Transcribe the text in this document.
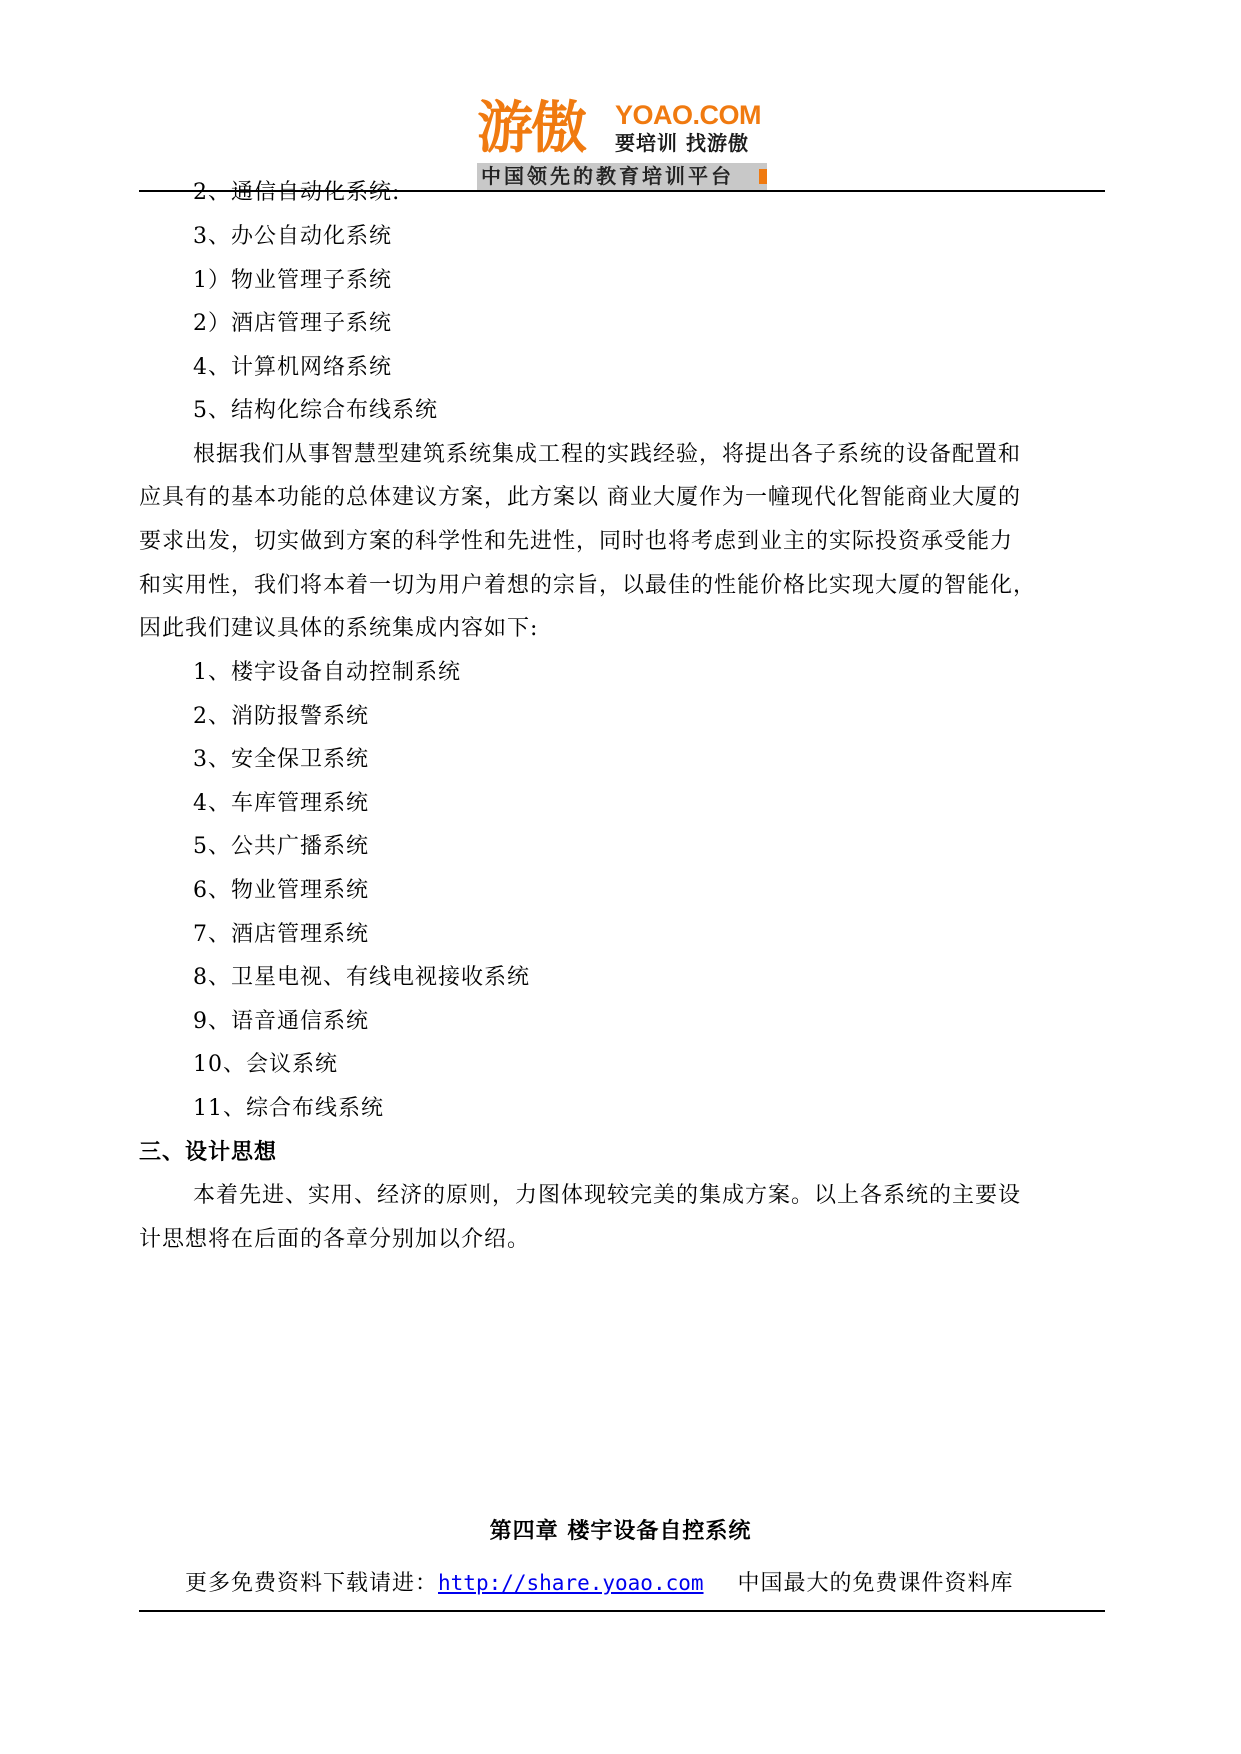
游傲 YOAO.COM
要培训 找游傲
中国领先的教育培训平台
2、通信自动化系统:
3、办公自动化系统
1）物业管理子系统
2）酒店管理子系统
4、计算机网络系统
5、结构化综合布线系统
根据我们从事智慧型建筑系统集成工程的实践经验，将提出各子系统的设备配置和
应具有的基本功能的总体建议方案，此方案以 商业大厦作为一幢现代化智能商业大厦的
要求出发，切实做到方案的科学性和先进性，同时也将考虑到业主的实际投资承受能力
和实用性，我们将本着一切为用户着想的宗旨，以最佳的性能价格比实现大厦的智能化，
因此我们建议具体的系统集成内容如下:
1、楼宇设备自动控制系统
2、消防报警系统
3、安全保卫系统
4、车库管理系统
5、公共广播系统
6、物业管理系统
7、酒店管理系统
8、卫星电视、有线电视接收系统
9、语音通信系统
10、会议系统
11、综合布线系统
三、设计思想
本着先进、实用、经济的原则，力图体现较完美的集成方案。以上各系统的主要设
计思想将在后面的各章分别加以介绍。
第四章 楼宇设备自控系统
更多免费资料下载请进：http://share.yoao.com 中国最大的免费课件资料库
